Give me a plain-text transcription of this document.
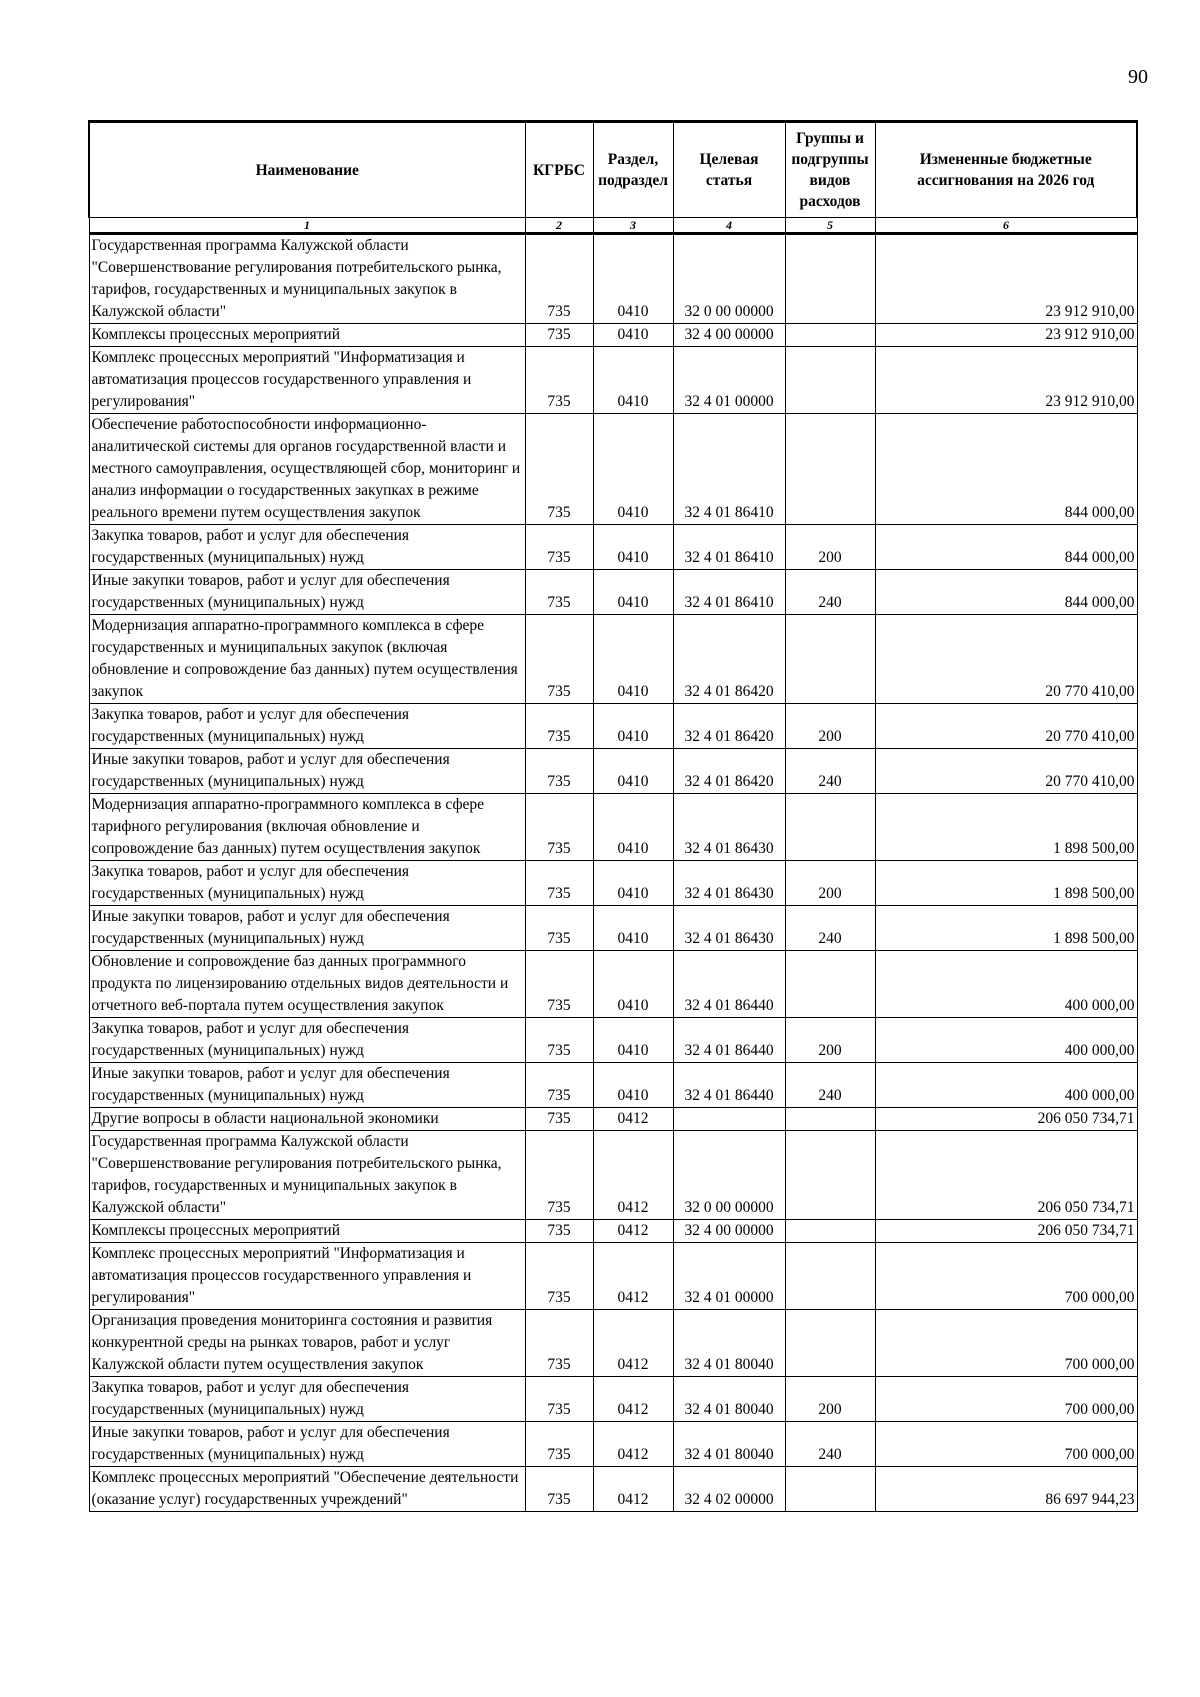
90
Наименование	КГРБС	Раздел, подраздел	Целевая статья	Группы и подгруппы видов расходов	Измененные бюджетные ассигнования на 2026 год
1	2	3	4	5	6
Государственная программа Калужской области "Совершенствование регулирования потребительского рынка, тарифов, государственных и муниципальных закупок в Калужской области"	735	0410	32 0 00 00000		23 912 910,00
Комплексы процессных мероприятий	735	0410	32 4 00 00000		23 912 910,00
Комплекс процессных мероприятий "Информатизация и автоматизация процессов государственного управления и регулирования"	735	0410	32 4 01 00000		23 912 910,00
Обеспечение работоспособности информационно-аналитической системы для органов государственной власти и местного самоуправления, осуществляющей сбор, мониторинг и анализ информации о государственных закупках в режиме реального времени путем осуществления закупок	735	0410	32 4 01 86410		844 000,00
Закупка товаров, работ и услуг для обеспечения государственных (муниципальных) нужд	735	0410	32 4 01 86410	200	844 000,00
Иные закупки товаров, работ и услуг для обеспечения государственных (муниципальных) нужд	735	0410	32 4 01 86410	240	844 000,00
Модернизация аппаратно-программного комплекса в сфере государственных и муниципальных закупок (включая обновление и сопровождение баз данных) путем осуществления закупок	735	0410	32 4 01 86420		20 770 410,00
Закупка товаров, работ и услуг для обеспечения государственных (муниципальных) нужд	735	0410	32 4 01 86420	200	20 770 410,00
Иные закупки товаров, работ и услуг для обеспечения государственных (муниципальных) нужд	735	0410	32 4 01 86420	240	20 770 410,00
Модернизация аппаратно-программного комплекса в сфере тарифного регулирования (включая обновление и сопровождение баз данных) путем осуществления закупок	735	0410	32 4 01 86430		1 898 500,00
Закупка товаров, работ и услуг для обеспечения государственных (муниципальных) нужд	735	0410	32 4 01 86430	200	1 898 500,00
Иные закупки товаров, работ и услуг для обеспечения государственных (муниципальных) нужд	735	0410	32 4 01 86430	240	1 898 500,00
Обновление и сопровождение баз данных программного продукта по лицензированию отдельных видов деятельности и отчетного веб-портала путем осуществления закупок	735	0410	32 4 01 86440		400 000,00
Закупка товаров, работ и услуг для обеспечения государственных (муниципальных) нужд	735	0410	32 4 01 86440	200	400 000,00
Иные закупки товаров, работ и услуг для обеспечения государственных (муниципальных) нужд	735	0410	32 4 01 86440	240	400 000,00
Другие вопросы в области национальной экономики	735	0412			206 050 734,71
Государственная программа Калужской области "Совершенствование регулирования потребительского рынка, тарифов, государственных и муниципальных закупок в Калужской области"	735	0412	32 0 00 00000		206 050 734,71
Комплексы процессных мероприятий	735	0412	32 4 00 00000		206 050 734,71
Комплекс процессных мероприятий "Информатизация и автоматизация процессов государственного управления и регулирования"	735	0412	32 4 01 00000		700 000,00
Организация проведения мониторинга состояния и развития конкурентной среды на рынках товаров, работ и услуг Калужской области путем осуществления закупок	735	0412	32 4 01 80040		700 000,00
Закупка товаров, работ и услуг для обеспечения государственных (муниципальных) нужд	735	0412	32 4 01 80040	200	700 000,00
Иные закупки товаров, работ и услуг для обеспечения государственных (муниципальных) нужд	735	0412	32 4 01 80040	240	700 000,00
Комплекс процессных мероприятий "Обеспечение деятельности (оказание услуг) государственных учреждений"	735	0412	32 4 02 00000		86 697 944,23
